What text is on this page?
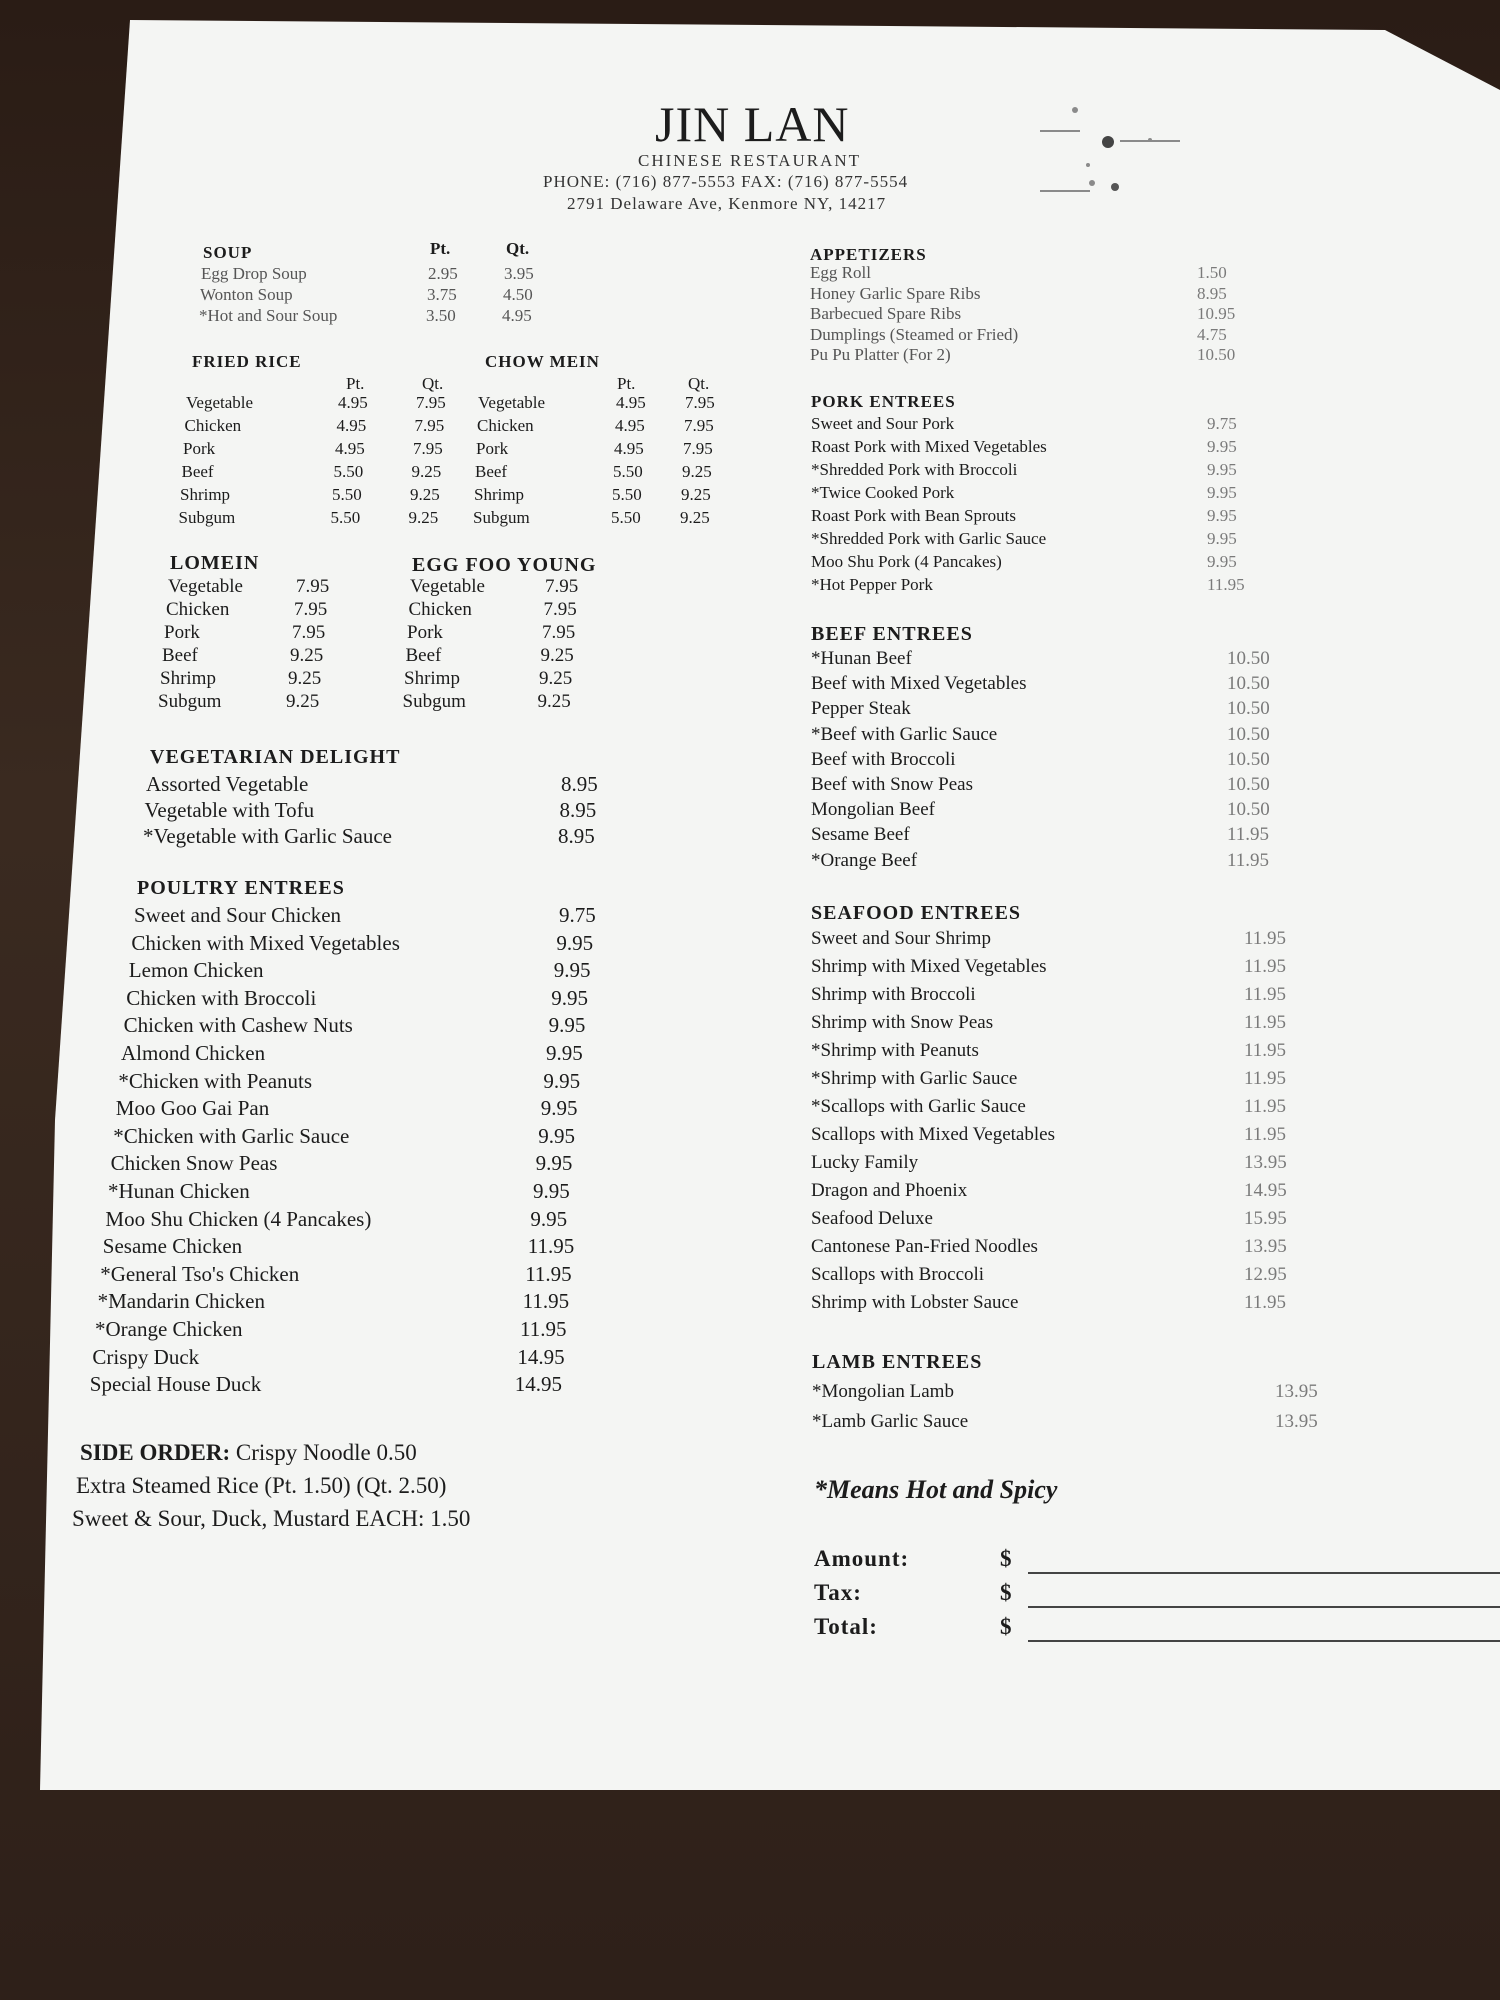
JIN LAN
CHINESE RESTAURANT
PHONE: (716) 877-5553 FAX: (716) 877-5554
2791 Delaware Ave, Kenmore NY, 14217
SOUP	Pt.	Qt.
Egg Drop Soup	2.95	3.95
Wonton Soup	3.75	4.50
*Hot and Sour Soup	3.50	4.95
FRIED RICE
Pt.	Qt.
CHOW MEIN
Pt.	Qt.
Vegetable	4.95	7.95
Chicken	4.95	7.95
Pork	4.95	7.95
Beef	5.50	9.25
Shrimp	5.50	9.25
Subgum	5.50	9.25
Vegetable	4.95 7.95
Chicken	4.95 7.95
Pork	4.95 7.95
Beef	5.50 9.25
Shrimp	5.50 9.25
Subgum	5.50 9.25
LOMEIN	EGG FOO YOUNG
Vegetable	7.95
Chicken	7.95
Pork	7.95
Beef	9.25
Shrimp	9.25
Subgum	9.25
Vegetable	7.95
Chicken	7.95
Pork	7.95
Beef	9.25
Shrimp	9.25
Subgum	9.25
VEGETARIAN DELIGHT
Assorted Vegetable	8.95
Vegetable with Tofu	8.95
*Vegetable with Garlic Sauce	8.95
POULTRY ENTREES
Sweet and Sour Chicken	9.75
Chicken with Mixed Vegetables	9.95
Lemon Chicken	9.95
Chicken with Broccoli	9.95
Chicken with Cashew Nuts	9.95
Almond Chicken	9.95
*Chicken with Peanuts	9.95
Moo Goo Gai Pan	9.95
*Chicken with Garlic Sauce	9.95
Chicken Snow Peas	9.95
*Hunan Chicken	9.95
Moo Shu Chicken (4 Pancakes)	9.95
Sesame Chicken	11.95
*General Tso's Chicken	11.95
*Mandarin Chicken	11.95
*Orange Chicken	11.95
Crispy Duck	14.95
Special House Duck	14.95
SIDE ORDER: Crispy Noodle 0.50
Extra Steamed Rice (Pt. 1.50) (Qt. 2.50)
Sweet & Sour, Duck, Mustard EACH: 1.50
APPETIZERS
Egg Roll	1.50
Honey Garlic Spare Ribs	8.95
Barbecued Spare Ribs	10.95
Dumplings (Steamed or Fried)	4.75
Pu Pu Platter (For 2)	10.50
PORK ENTREES
Sweet and Sour Pork	9.75
Roast Pork with Mixed Vegetables	9.95
*Shredded Pork with Broccoli	9.95
*Twice Cooked Pork	9.95
Roast Pork with Bean Sprouts	9.95
*Shredded Pork with Garlic Sauce	9.95
Moo Shu Pork (4 Pancakes)	9.95
*Hot Pepper Pork	11.95
BEEF ENTREES
*Hunan Beef	10.50
Beef with Mixed Vegetables	10.50
Pepper Steak	10.50
*Beef with Garlic Sauce	10.50
Beef with Broccoli	10.50
Beef with Snow Peas	10.50
Mongolian Beef	10.50
Sesame Beef	11.95
*Orange Beef	11.95
SEAFOOD ENTREES
Sweet and Sour Shrimp	11.95
Shrimp with Mixed Vegetables	11.95
Shrimp with Broccoli	11.95
Shrimp with Snow Peas	11.95
*Shrimp with Peanuts	11.95
*Shrimp with Garlic Sauce	11.95
*Scallops with Garlic Sauce	11.95
Scallops with Mixed Vegetables	11.95
Lucky Family	13.95
Dragon and Phoenix	14.95
Seafood Deluxe	15.95
Cantonese Pan-Fried Noodles	13.95
Scallops with Broccoli	12.95
Shrimp with Lobster Sauce	11.95
LAMB ENTREES
*Mongolian Lamb	13.95
*Lamb Garlic Sauce	13.95
*Means Hot and Spicy
Amount:
Tax:
Total:
$
$
$
